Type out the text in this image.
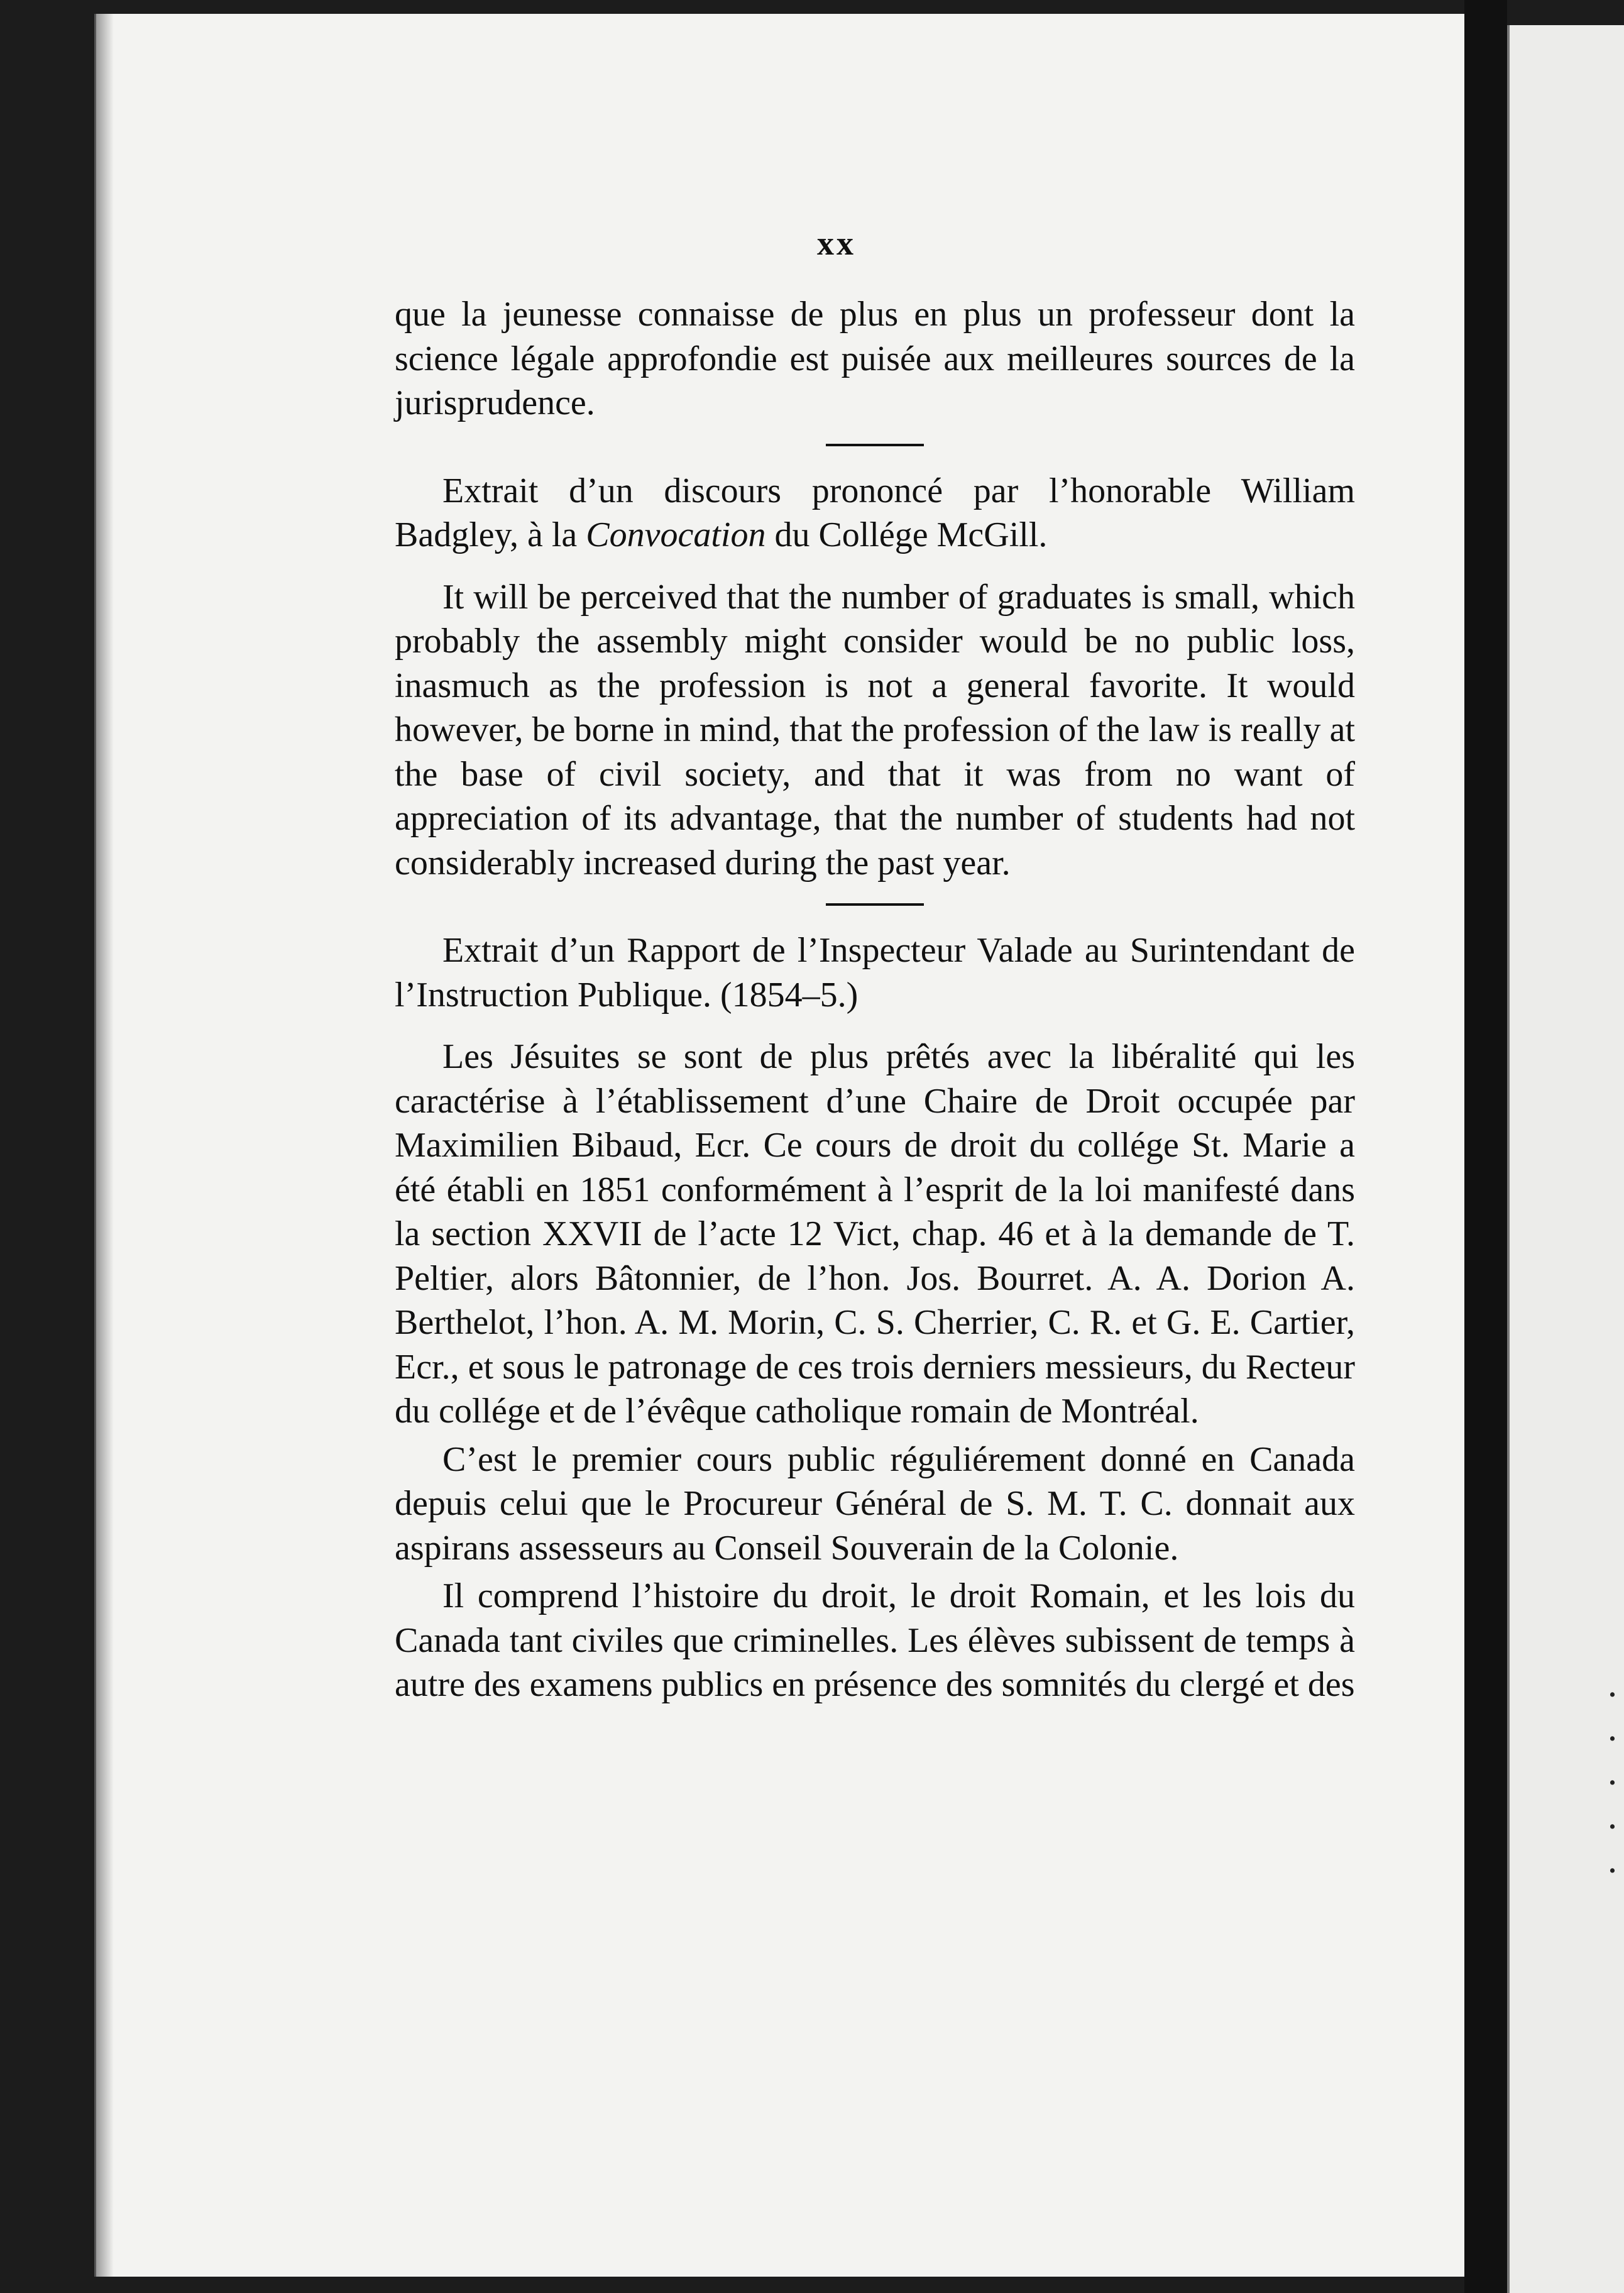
.
.
.
.
.
xx

que la jeunesse connaisse de plus en plus un professeur dont la science légale approfondie est puisée aux meilleures sources de la jurisprudence.

Extrait d’un discours prononcé par l’honorable William Badgley, à la Convocation du Collége McGill.

It will be perceived that the number of graduates is small, which probably the assembly might consider would be no public loss, inasmuch as the profession is not a general favorite. It would however, be borne in mind, that the profession of the law is really at the base of civil society, and that it was from no want of appreciation of its advantage, that the number of students had not considerably increased during the past year.

Extrait d’un Rapport de l’Inspecteur Valade au Surintendant de l’Instruction Publique. (1854–5.)

Les Jésuites se sont de plus prêtés avec la libéralité qui les caractérise à l’établissement d’une Chaire de Droit occupée par Maximilien Bibaud, Ecr. Ce cours de droit du collége St. Marie a été établi en 1851 conformément à l’esprit de la loi manifesté dans la section XXVII de l’acte 12 Vict, chap. 46 et à la demande de T. Peltier, alors Bâtonnier, de l’hon. Jos. Bourret. A. A. Dorion A. Berthelot, l’hon. A. M. Morin, C. S. Cherrier, C. R. et G. E. Cartier, Ecr., et sous le patronage de ces trois derniers messieurs, du Recteur du collége et de l’évêque catholique romain de Montréal.

C’est le premier cours public réguliérement donné en Canada depuis celui que le Procureur Général de S. M. T. C. donnait aux aspirans assesseurs au Conseil Souverain de la Colonie.

Il comprend l’histoire du droit, le droit Romain, et les lois du Canada tant civiles que criminelles. Les élèves subissent de temps à autre des examens publics en présence des somnités du clergé et des
